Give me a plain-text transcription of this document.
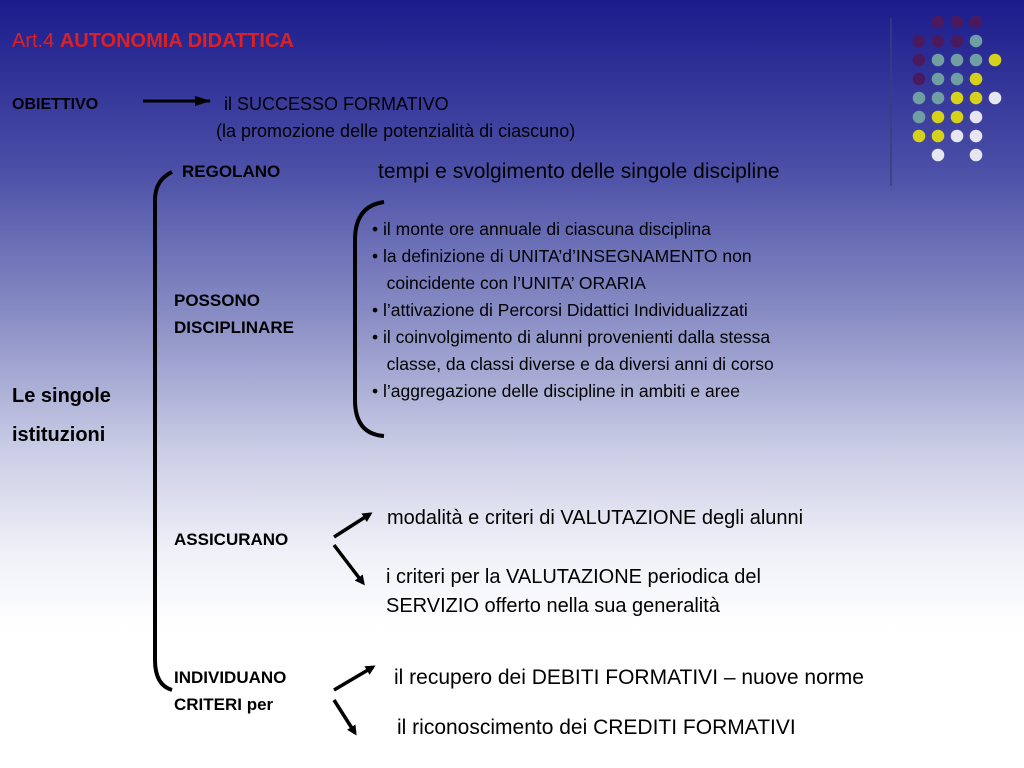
Art.4 AUTONOMIA DIDATTICA
OBIETTIVO	il SUCCESSO FORMATIVO
(la promozione delle potenzialità di ciascuno)
Le singole
istituzioni
REGOLANO	tempi e svolgimento delle singole discipline
POSSONO
DISCIPLINARE
• il monte ore annuale di ciascuna disciplina
• la definizione di UNITA’d’INSEGNAMENTO non
coincidente con l’UNITA’ ORARIA
• l’attivazione di Percorsi Didattici Individualizzati
• il coinvolgimento di alunni provenienti dalla stessa
classe, da classi diverse e da diversi anni di corso
• l’aggregazione delle discipline in ambiti e aree
ASSICURANO
modalità e criteri di VALUTAZIONE degli alunni
i criteri per la VALUTAZIONE periodica del
SERVIZIO offerto nella sua generalità
INDIVIDUANO
CRITERI per
il recupero dei DEBITI FORMATIVI – nuove norme
il riconoscimento dei CREDITI FORMATIVI
